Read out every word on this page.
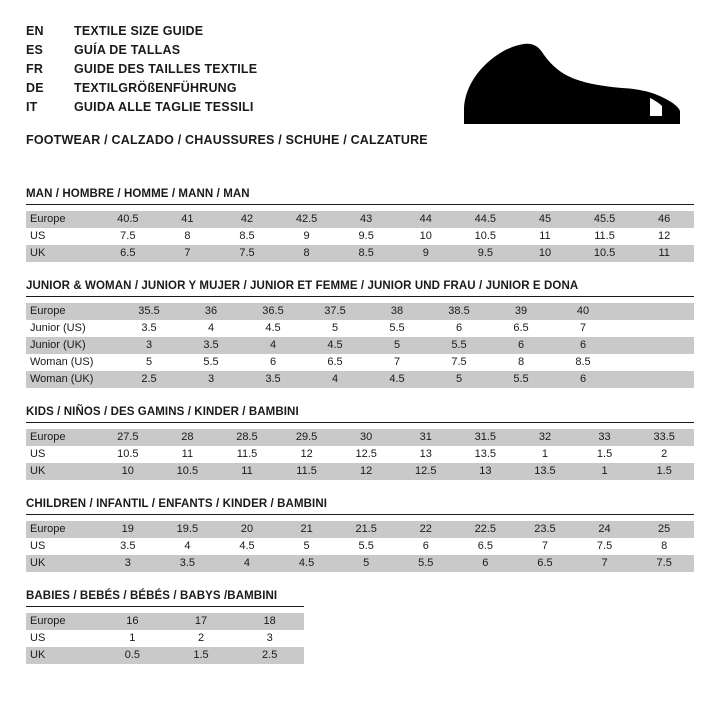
EN	TEXTILE SIZE GUIDE
ES	GUÍA DE TALLAS
FR	GUIDE DES TAILLES TEXTILE
DE	TEXTILGRÖßENFÜHRUNG
IT	GUIDA ALLE TAGLIE TESSILI
FOOTWEAR / CALZADO / CHAUSSURES / SCHUHE / CALZATURE
MAN / HOMBRE / HOMME / MANN / MAN
Europe	40.5	41	42	42.5	43	44	44.5	45	45.5	46
US	7.5	8	8.5	9	9.5	10	10.5	11	11.5	12
UK	6.5	7	7.5	8	8.5	9	9.5	10	10.5	11
JUNIOR & WOMAN / JUNIOR Y MUJER / JUNIOR ET FEMME / JUNIOR UND FRAU / JUNIOR E DONA
Europe	35.5	36	36.5	37.5	38	38.5	39	40		
Junior (US)	3.5	4	4.5	5	5.5	6	6.5	7		
Junior (UK)	3	3.5	4	4.5	5	5.5	6	6		
Woman (US)	5	5.5	6	6.5	7	7.5	8	8.5		
Woman (UK)	2.5	3	3.5	4	4.5	5	5.5	6		
KIDS / NIÑOS / DES GAMINS / KINDER / BAMBINI
Europe	27.5	28	28.5	29.5	30	31	31.5	32	33	33.5
US	10.5	11	11.5	12	12.5	13	13.5	1	1.5	2
UK	10	10.5	11	11.5	12	12.5	13	13.5	1	1.5
CHILDREN / INFANTIL / ENFANTS / KINDER / BAMBINI
Europe	19	19.5	20	21	21.5	22	22.5	23.5	24	25
US	3.5	4	4.5	5	5.5	6	6.5	7	7.5	8
UK	3	3.5	4	4.5	5	5.5	6	6.5	7	7.5
BABIES / BEBÉS / BÉBÉS / BABYS /BAMBINI
Europe	16	17	18
US	1	2	3
UK	0.5	1.5	2.5
